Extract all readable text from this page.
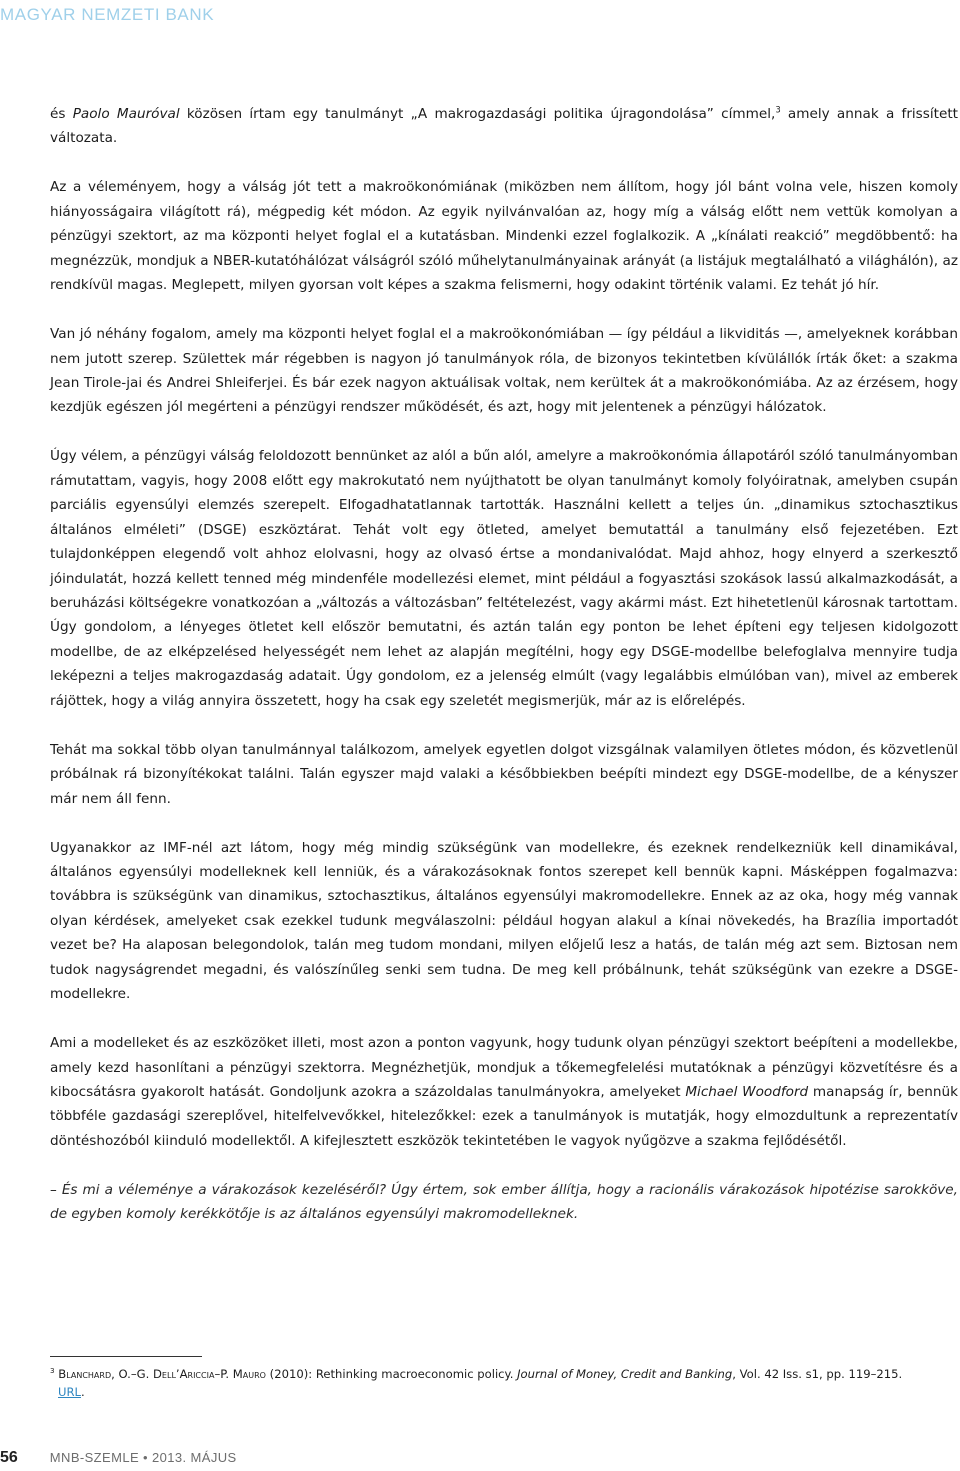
MAGYAR NEMZETI BANK

és Paolo Mauróval közösen írtam egy tanulmányt „A makrogazdasági politika újragondolása” címmel,$^3$ amely annak a frissített változata.

Az a véleményem, hogy a válság jót tett a makroökonómiának (miközben nem állítom, hogy jól bánt volna vele, hiszen komoly hiányosságaira világított rá), mégpedig két módon. Az egyik nyilvánvalóan az, hogy míg a válság előtt nem vettük komolyan a pénzügyi szektort, az ma központi helyet foglal el a kutatásban. Mindenki ezzel foglalkozik. A „kínálati reakció” megdöbbentő: ha megnézzük, mondjuk a NBER-kutatóhálózat válságról szóló műhelytanulmányainak arányát (a listájuk megtalálható a világhálón), az rendkívül magas. Meglepett, milyen gyorsan volt képes a szakma felismerni, hogy odakint történik valami. Ez tehát jó hír.

Van jó néhány fogalom, amely ma központi helyet foglal el a makroökonómiában — így például a likviditás —, amelyeknek korábban nem jutott szerep. Születtek már régebben is nagyon jó tanulmányok róla, de bizonyos tekintetben kívülállók írták őket: a szakma Jean Tirole-jai és Andrei Shleiferjei. És bár ezek nagyon aktuálisak voltak, nem kerültek át a makroökonómiába. Az az érzésem, hogy kezdjük egészen jól megérteni a pénzügyi rendszer működését, és azt, hogy mit jelentenek a pénzügyi hálózatok.

Úgy vélem, a pénzügyi válság feloldozott bennünket az alól a bűn alól, amelyre a makroökonómia állapotáról szóló tanulmányomban rámutattam, vagyis, hogy 2008 előtt egy makrokutató nem nyújthatott be olyan tanulmányt komoly folyóiratnak, amelyben csupán parciális egyensúlyi elemzés szerepelt. Elfogadhatatlannak tartották. Használni kellett a teljes ún. „dinamikus sztochasztikus általános elméleti” (DSGE) eszköztárat. Tehát volt egy ötleted, amelyet bemutattál a tanulmány első fejezetében. Ezt tulajdonképpen elegendő volt ahhoz elolvasni, hogy az olvasó értse a mondanivalódat. Majd ahhoz, hogy elnyerd a szerkesztő jóindulatát, hozzá kellett tenned még mindenféle modellezési elemet, mint például a fogyasztási szokások lassú alkalmazkodását, a beruházási költségekre vonatkozóan a „változás a változásban” feltételezést, vagy akármi mást. Ezt hihetetlenül károsnak tartottam. Úgy gondolom, a lényeges ötletet kell először bemutatni, és aztán talán egy ponton be lehet építeni egy teljesen kidolgozott modellbe, de az elképzelésed helyességét nem lehet az alapján megítélni, hogy egy DSGE-modellbe belefoglalva mennyire tudja leképezni a teljes makrogazdaság adatait. Úgy gondolom, ez a jelenség elmúlt (vagy legalábbis elmúlóban van), mivel az emberek rájöttek, hogy a világ annyira összetett, hogy ha csak egy szeletét megismerjük, már az is előrelépés.

Tehát ma sokkal több olyan tanulmánnyal találkozom, amelyek egyetlen dolgot vizsgálnak valamilyen ötletes módon, és közvetlenül próbálnak rá bizonyítékokat találni. Talán egyszer majd valaki a későbbiekben beépíti mindezt egy DSGE-modellbe, de a kényszer már nem áll fenn.

Ugyanakkor az IMF-nél azt látom, hogy még mindig szükségünk van modellekre, és ezeknek rendelkezniük kell dinamikával, általános egyensúlyi modelleknek kell lenniük, és a várakozásoknak fontos szerepet kell bennük kapni. Másképpen fogalmazva: továbbra is szükségünk van dinamikus, sztochasztikus, általános egyensúlyi makromodellekre. Ennek az az oka, hogy még vannak olyan kérdések, amelyeket csak ezekkel tudunk megválaszolni: például hogyan alakul a kínai növekedés, ha Brazília importadót vezet be? Ha alaposan belegondolok, talán meg tudom mondani, milyen előjelű lesz a hatás, de talán még azt sem. Biztosan nem tudok nagyságrendet megadni, és valószínűleg senki sem tudna. De meg kell próbálnunk, tehát szükségünk van ezekre a DSGE-modellekre.

Ami a modelleket és az eszközöket illeti, most azon a ponton vagyunk, hogy tudunk olyan pénzügyi szektort beépíteni a modellekbe, amely kezd hasonlítani a pénzügyi szektorra. Megnézhetjük, mondjuk a tőkemegfelelési mutatóknak a pénzügyi közvetítésre és a kibocsátásra gyakorolt hatását. Gondoljunk azokra a százoldalas tanulmányokra, amelyeket Michael Woodford manapság ír, bennük többféle gazdasági szereplővel, hitelfelvevőkkel, hitelezőkkel: ezek a tanulmányok is mutatják, hogy elmozdultunk a reprezentatív döntéshozóból kiinduló modellektől. A kifejlesztett eszközök tekintetében le vagyok nyűgözve a szakma fejlődésétől.

– És mi a véleménye a várakozások kezeléséről? Úgy értem, sok ember állítja, hogy a racionális várakozások hipotézise sarokköve, de egyben komoly kerékkötője is az általános egyensúlyi makromodelleknek.

$^3$ Blanchard, O.–G. Dell’Ariccia–P. Mauro (2010): Rethinking macroeconomic policy. Journal of Money, Credit and Banking, Vol. 42 Iss. s1, pp. 119–215.
URL.
56 MNB-SZEMLE • 2013. MÁJUS
